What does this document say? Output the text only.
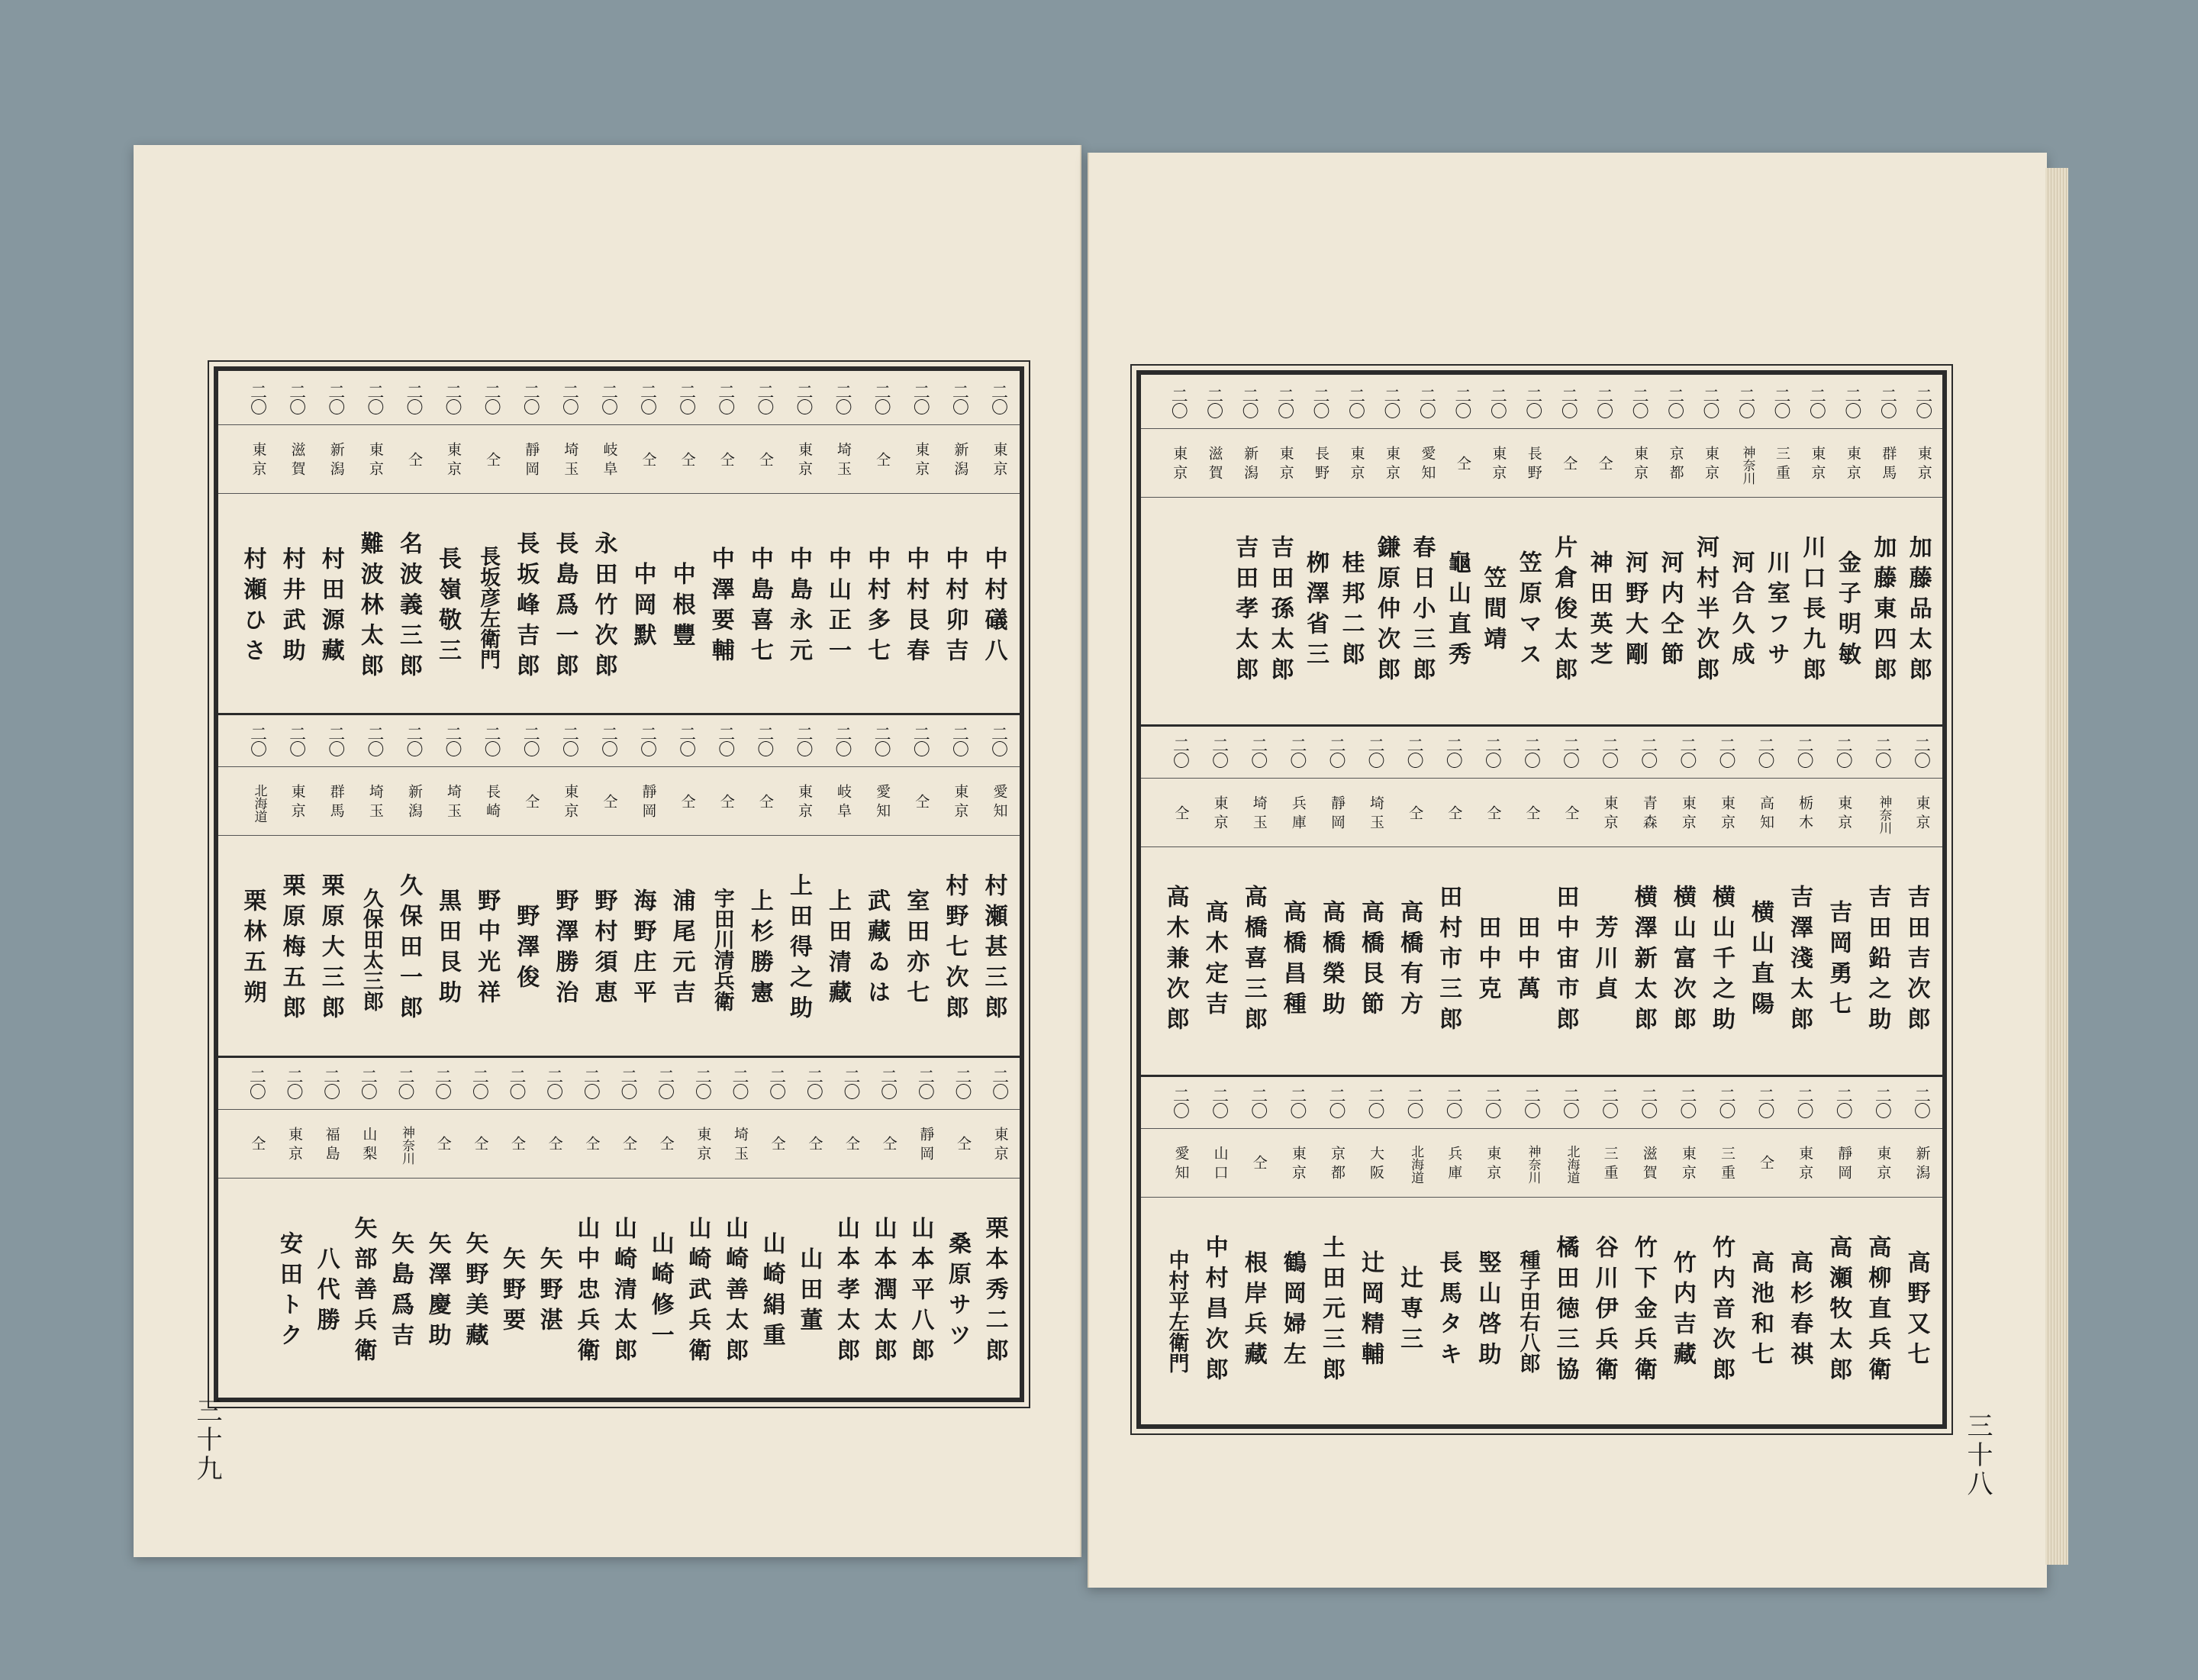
二〇
東京
中村礒八
二〇
新潟
中村卯吉
二〇
東京
中村艮春
二〇
仝
中村多七
二〇
埼玉
中山正一
二〇
東京
中島永元
二〇
仝
中島喜七
二〇
仝
中澤要輔
二〇
仝
中根豐
二〇
仝
中岡默
二〇
岐阜
永田竹次郎
二〇
埼玉
長島爲一郎
二〇
靜岡
長坂峰吉郎
二〇
仝
長坂彦左衛門
二〇
東京
長嶺敬三
二〇
仝
名波義三郎
二〇
東京
難波林太郎
二〇
新潟
村田源藏
二〇
滋賀
村井武助
二〇
東京
村瀬ひさ
二〇
愛知
村瀬甚三郎
二〇
東京
村野七次郎
二〇
仝
室田亦七
二〇
愛知
武藏ゐは
二〇
岐阜
上田清藏
二〇
東京
上田得之助
二〇
仝
上杉勝憲
二〇
仝
宇田川清兵衛
二〇
仝
浦尾元吉
二〇
靜岡
海野庄平
二〇
仝
野村須恵
二〇
東京
野澤勝治
二〇
仝
野澤俊
二〇
長崎
野中光祥
二〇
埼玉
黒田艮助
二〇
新潟
久保田一郎
二〇
埼玉
久保田太三郎
二〇
群馬
栗原大三郎
二〇
東京
栗原梅五郎
二〇
北海道
栗林五朔
二〇
東京
栗本秀二郎
二〇
仝
桑原サツ
二〇
靜岡
山本平八郎
二〇
仝
山本潤太郎
二〇
仝
山本孝太郎
二〇
仝
山田董
二〇
仝
山崎絹重
二〇
埼玉
山崎善太郎
二〇
東京
山崎武兵衛
二〇
仝
山崎修一
二〇
仝
山崎清太郎
二〇
仝
山中忠兵衛
二〇
仝
矢野湛
二〇
仝
矢野要
二〇
仝
矢野美藏
二〇
仝
矢澤慶助
二〇
神奈川
矢島爲吉
二〇
山梨
矢部善兵衛
二〇
福島
八代勝
二〇
東京
安田トク
二〇
仝
三十九
二〇
東京
加藤品太郎
二〇
群馬
加藤東四郎
二〇
東京
金子明敏
二〇
東京
川口長九郎
二〇
三重
川室フサ
二〇
神奈川
河合久成
二〇
東京
河村半次郎
二〇
京都
河内仝節
二〇
東京
河野大剛
二〇
仝
神田英芝
二〇
仝
片倉俊太郎
二〇
長野
笠原マス
二〇
東京
笠間靖
二〇
仝
龜山直秀
二〇
愛知
春日小三郎
二〇
東京
鎌原仲次郎
二〇
東京
桂邦二郎
二〇
長野
栁澤省三
二〇
東京
吉田孫太郎
二〇
新潟
吉田孝太郎
二〇
滋賀
二〇
東京
二〇
東京
吉田吉次郎
二〇
神奈川
吉田鉛之助
二〇
東京
吉岡勇七
二〇
栃木
吉澤淺太郎
二〇
高知
横山直陽
二〇
東京
横山千之助
二〇
東京
横山富次郎
二〇
青森
横澤新太郎
二〇
東京
芳川貞
二〇
仝
田中宙市郎
二〇
仝
田中萬
二〇
仝
田中克
二〇
仝
田村市三郎
二〇
仝
高橋有方
二〇
埼玉
高橋艮節
二〇
靜岡
高橋榮助
二〇
兵庫
高橋昌種
二〇
埼玉
高橋喜三郎
二〇
東京
高木定吉
二〇
仝
高木兼次郎
二〇
新潟
高野又七
二〇
東京
高柳直兵衛
二〇
靜岡
高瀬牧太郎
二〇
東京
高杉春祺
二〇
仝
高池和七
二〇
三重
竹内音次郎
二〇
東京
竹内吉藏
二〇
滋賀
竹下金兵衛
二〇
三重
谷川伊兵衛
二〇
北海道
橘田徳三協
二〇
神奈川
種子田右八郎
二〇
東京
竪山啓助
二〇
兵庫
長馬タキ
二〇
北海道
辻専三
二〇
大阪
辻岡精輔
二〇
京都
土田元三郎
二〇
東京
鶴岡婦左
二〇
仝
根岸兵藏
二〇
山口
中村昌次郎
二〇
愛知
中村平左衛門
三十八
